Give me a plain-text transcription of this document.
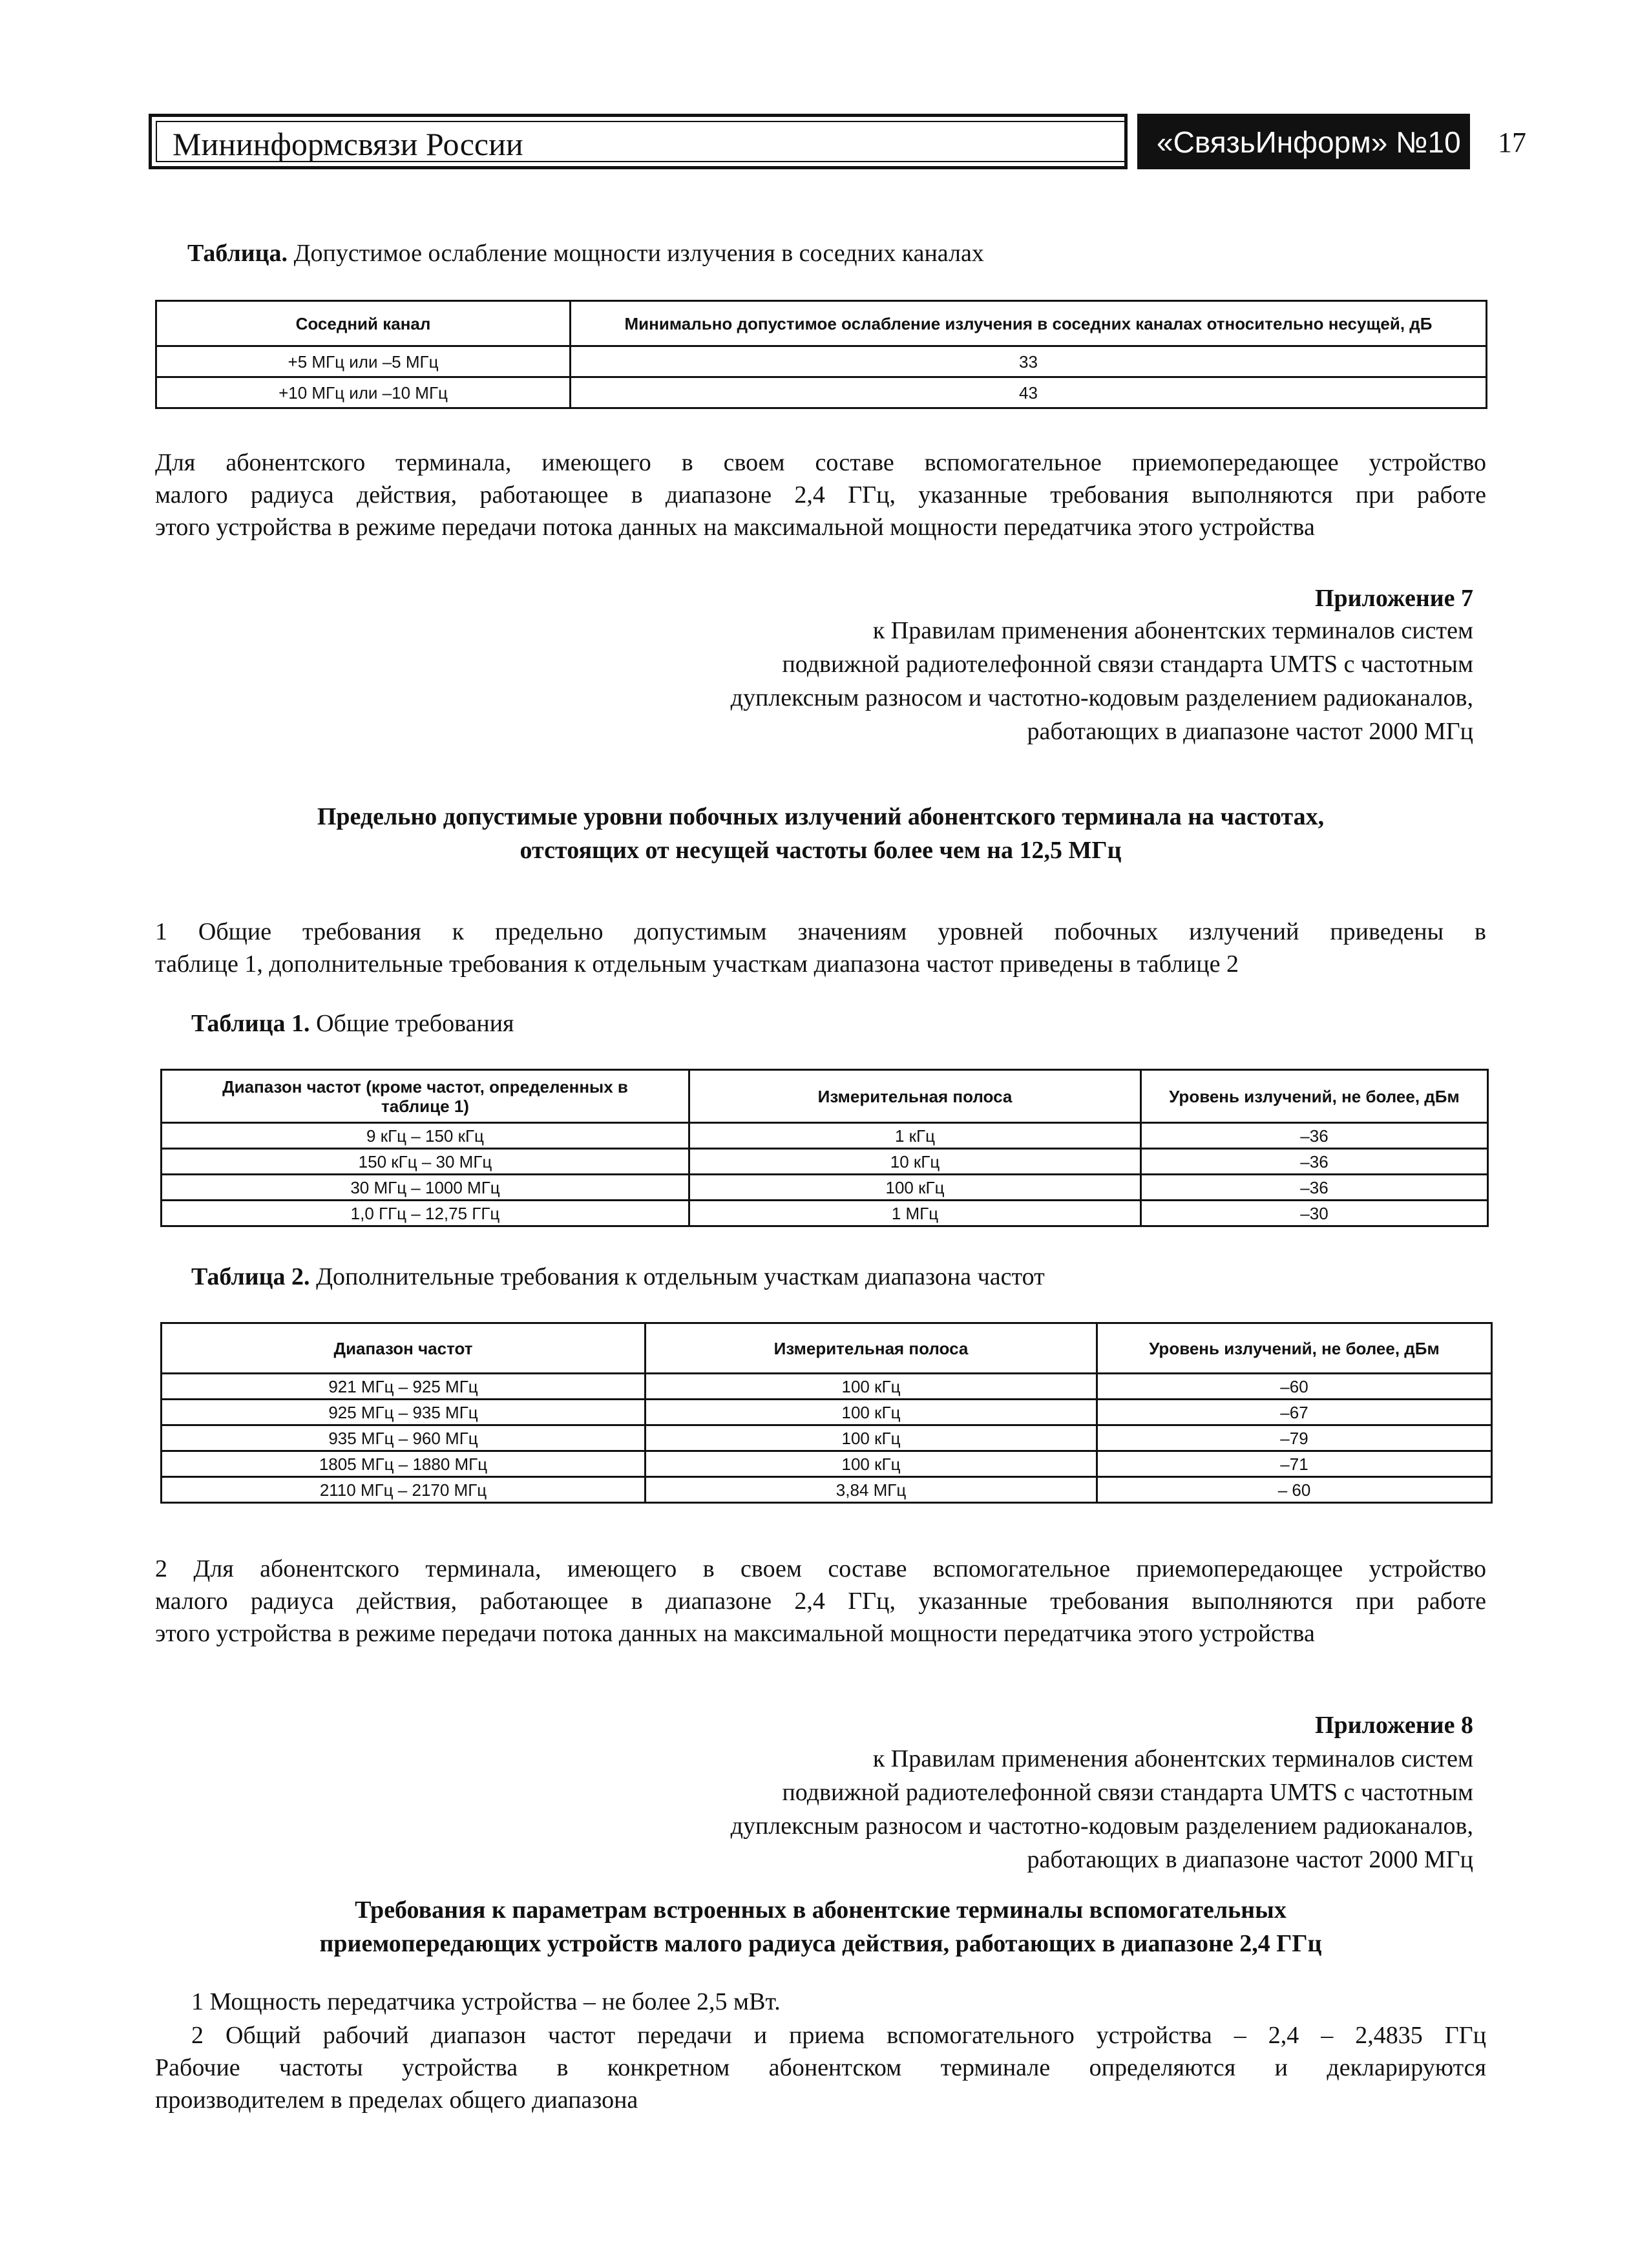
Мининформсвязи России	«СвязьИнформ» №10 17
Таблица. Допустимое ослабление мощности излучения в соседних каналах
Соседний канал	Минимально допустимое ослабление излучения в соседних каналах относительно несущей, дБ
+5 МГц или –5 МГц	33
+10 МГц или –10 МГц	43
Для абонентского терминала, имеющего в своем составе вспомогательное приемопередающее устройство
малого радиуса действия, работающее в диапазоне 2,4 ГГц, указанные требования выполняются при работе
этого устройства в режиме передачи потока данных на максимальной мощности передатчика этого устройства
Приложение 7
к Правилам применения абонентских терминалов систем
подвижной радиотелефонной связи стандарта UMTS с частотным
дуплексным разносом и частотно-кодовым разделением радиоканалов,
работающих в диапазоне частот 2000 МГц
Предельно допустимые уровни побочных излучений абонентского терминала на частотах,
отстоящих от несущей частоты более чем на 12,5 МГц
1 Общие требования к предельно допустимым значениям уровней побочных излучений приведены в
таблице 1, дополнительные требования к отдельным участкам диапазона частот приведены в таблице 2
Таблица 1. Общие требования
Диапазон частот (кроме частот, определенных в таблице 1)	Измерительная полоса	Уровень излучений, не более, дБм
9 кГц – 150 кГц	1 кГц	–36
150 кГц – 30 МГц	10 кГц	–36
30 МГц – 1000 МГц	100 кГц	–36
1,0 ГГц – 12,75 ГГц	1 МГц	–30
Таблица 2. Дополнительные требования к отдельным участкам диапазона частот
Диапазон частот	Измерительная полоса	Уровень излучений, не более, дБм
921 МГц – 925 МГц	100 кГц	–60
925 МГц – 935 МГц	100 кГц	–67
935 МГц – 960 МГц	100 кГц	–79
1805 МГц – 1880 МГц	100 кГц	–71
2110 МГц – 2170 МГц	3,84 МГц	– 60
2 Для абонентского терминала, имеющего в своем составе вспомогательное приемопередающее устройство
малого радиуса действия, работающее в диапазоне 2,4 ГГц, указанные требования выполняются при работе
этого устройства в режиме передачи потока данных на максимальной мощности передатчика этого устройства
Приложение 8
к Правилам применения абонентских терминалов систем
подвижной радиотелефонной связи стандарта UMTS с частотным
дуплексным разносом и частотно-кодовым разделением радиоканалов,
работающих в диапазоне частот 2000 МГц
Требования к параметрам встроенных в абонентские терминалы вспомогательных
приемопередающих устройств малого радиуса действия, работающих в диапазоне 2,4 ГГц
1 Мощность передатчика устройства – не более 2,5 мВт.
2 Общий рабочий диапазон частот передачи и приема вспомогательного устройства – 2,4 – 2,4835 ГГц
Рабочие частоты устройства в конкретном абонентском терминале определяются и декларируются
производителем в пределах общего диапазона
